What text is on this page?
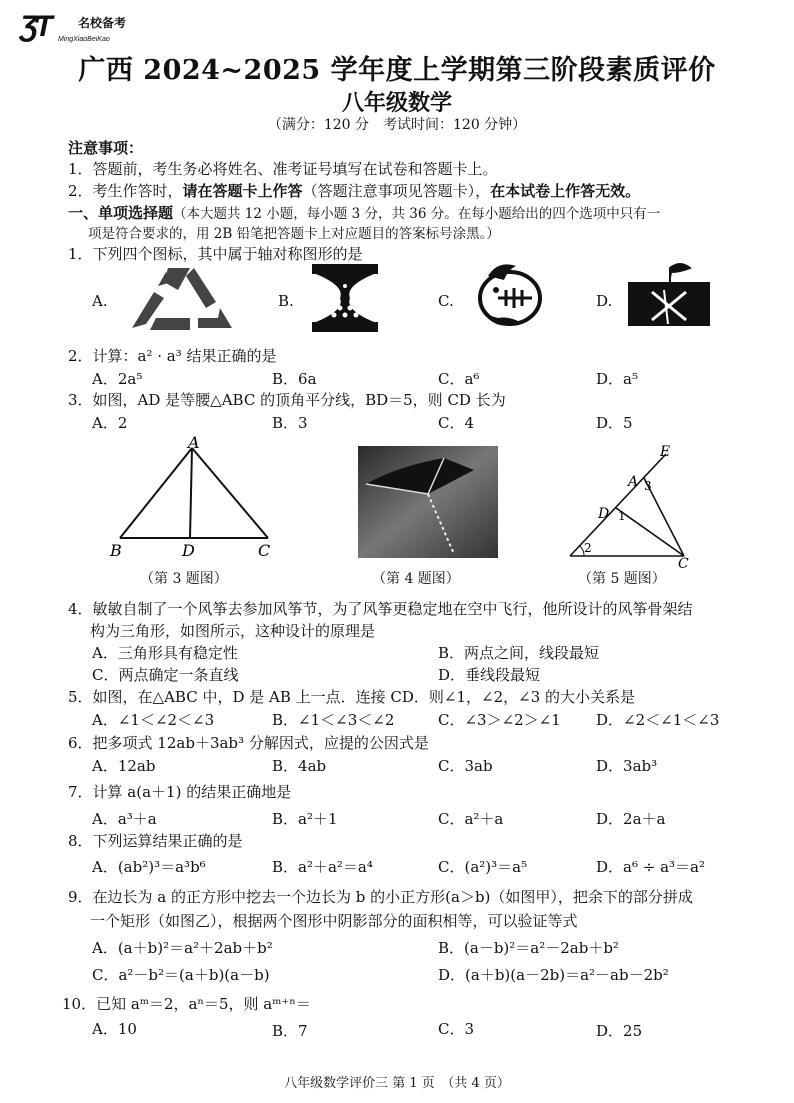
ƷƬ 名校备考
MingXiaoBeiKao
广西 2024~2025 学年度上学期第三阶段素质评价
八年级数学
（满分：120 分　考试时间：120 分钟）
注意事项：
1．答题前，考生务必将姓名、准考证号填写在试卷和答题卡上。
2．考生作答时，请在答题卡上作答（答题注意事项见答题卡），在本试卷上作答无效。
一、单项选择题（本大题共 12 小题，每小题 3 分，共 36 分。在每小题给出的四个选项中只有一
项是符合要求的，用 2B 铅笔把答题卡上对应题目的答案标号涂黑。）
1．下列四个图标，其中属于轴对称图形的是
A.	B.	C.	D.
2．计算：a² · a³ 结果正确的是
A．2a⁵	B．6a	C．a⁶	D．a⁵
3．如图，AD 是等腰△ABC 的顶角平分线，BD＝5，则 CD 长为
A．2	B．3	C．4	D．5
A
B	D	C
（第 3 题图）	（第 4 题图）
E
A 3
D 1
2
C
（第 5 题图）
4．敏敏自制了一个风筝去参加风筝节，为了风筝更稳定地在空中飞行，他所设计的风筝骨架结
构为三角形，如图所示，这种设计的原理是
A．三角形具有稳定性	B．两点之间，线段最短
C．两点确定一条直线	D．垂线段最短
5．如图，在△ABC 中，D 是 AB 上一点．连接 CD．则∠1，∠2，∠3 的大小关系是
A．∠1＜∠2＜∠3	B．∠1＜∠3＜∠2	C．∠3＞∠2＞∠1 D．∠2＜∠1＜∠3
6．把多项式 12ab＋3ab³ 分解因式，应提的公因式是
A．12ab	B．4ab	C．3ab	D．3ab³
7．计算 a(a＋1) 的结果正确地是
A．a³＋a	B．a²＋1	C．a²＋a	D．2a＋a
8．下列运算结果正确的是
A．(ab²)³＝a³b⁶	B．a²＋a²＝a⁴	C．(a²)³＝a⁵	D．a⁶ ÷ a³＝a²
9．在边长为 a 的正方形中挖去一个边长为 b 的小正方形(a＞b)（如图甲），把余下的部分拼成
一个矩形（如图乙），根据两个图形中阴影部分的面积相等，可以验证等式
A．(a＋b)²＝a²＋2ab＋b²	B．(a－b)²＝a²－2ab＋b²
C．a²－b²＝(a＋b)(a－b)	D．(a＋b)(a－2b)＝a²－ab－2b²
10．已知 aᵐ＝2，aⁿ＝5，则 aᵐ⁺ⁿ＝
A．10	B．7	C．3	D．25
八年级数学评价三 第 1 页　（共 4 页）
